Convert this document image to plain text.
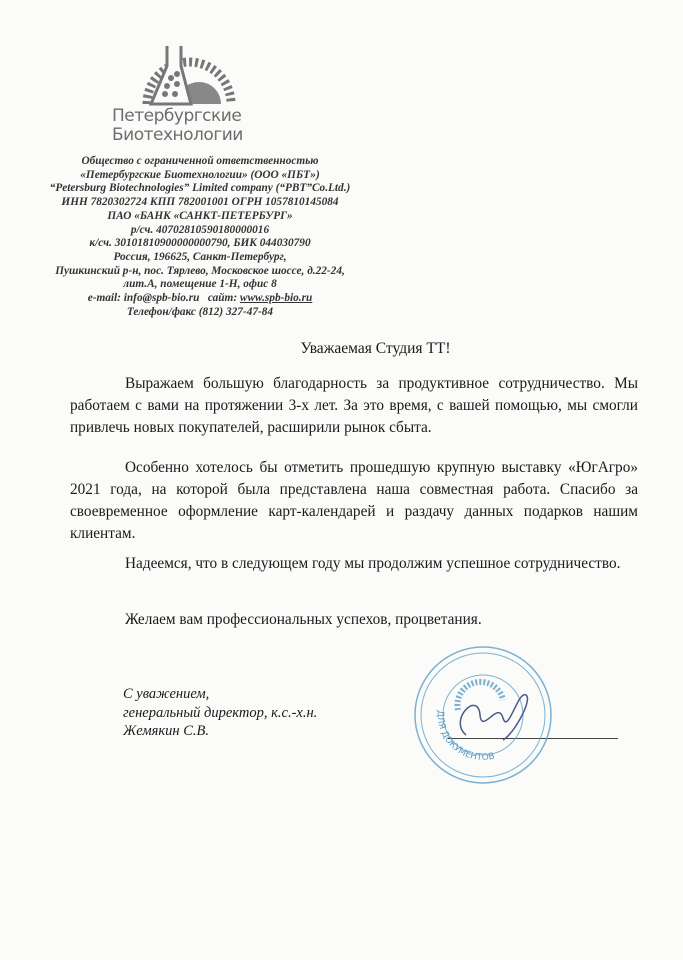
Петербургские
Биотехнологии
Общество с ограниченной ответственностью
«Петербургские Биотехнологии» (ООО «ПБТ»)
“Petersburg Biotechnologies” Limited company (“PBT”Co.Ltd.)
ИНН 7820302724 КПП 782001001 ОГРН 1057810145084
ПАО «БАНК «САНКТ-ПЕТЕРБУРГ»
р/сч. 40702810590180000016
к/сч. 30101810900000000790, БИК 044030790
Россия, 196625, Санкт-Петербург,
Пушкинский р-н, пос. Тярлево, Московское шоссе, д.22-24,
лит.А, помещение 1-Н, офис 8
e-mail: info@spb-bio.ru сайт: www.spb-bio.ru
Телефон/факс (812) 327-47-84
Уважаемая Студия ТТ!
Выражаем большую благодарность за продуктивное сотрудничество. Мы работаем с вами на протяжении 3-х лет. За это время, с вашей помощью, мы смогли привлечь новых покупателей, расширили рынок сбыта.
Особенно хотелось бы отметить прошедшую крупную выставку «ЮгАгро» 2021 года, на которой была представлена наша совместная работа. Спасибо за своевременное оформление карт-календарей и раздачу данных подарков нашим клиентам.
Надеемся, что в следующем году мы продолжим успешное сотрудничество.
Желаем вам профессиональных успехов, процветания.
С уважением,
генеральный директор, к.с.-х.н.
Жемякин С.В.
ДЛЯ ДОКУМЕНТОВ
